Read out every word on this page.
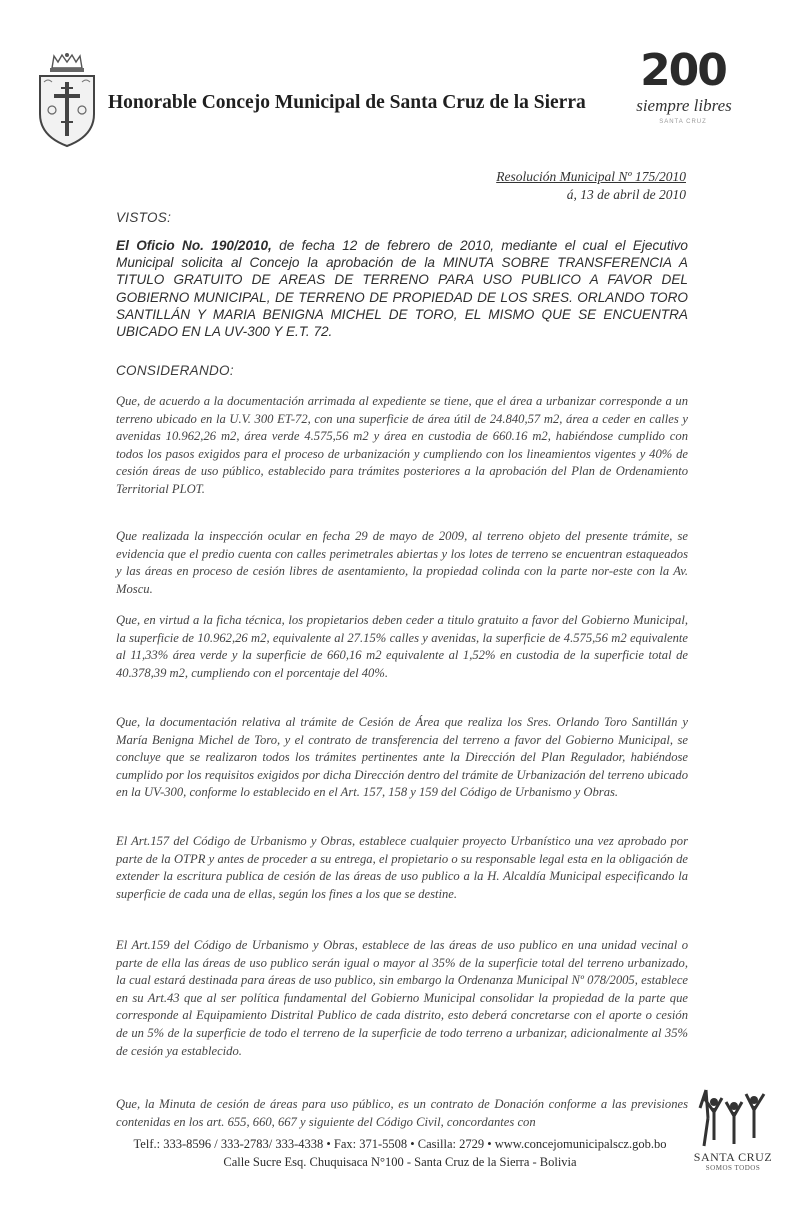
Honorable Concejo Municipal de Santa Cruz de la Sierra
200
siempre libres
SANTA CRUZ
Resolución Municipal Nº 175/2010
á, 13 de abril de 2010
VISTOS:

El Oficio No. 190/2010, de fecha 12 de febrero de 2010, mediante el cual el Ejecutivo Municipal solicita al Concejo la aprobación de la MINUTA SOBRE TRANSFERENCIA A TITULO GRATUITO DE AREAS DE TERRENO PARA USO PUBLICO A FAVOR DEL GOBIERNO MUNICIPAL, DE TERRENO DE PROPIEDAD DE LOS SRES. ORLANDO TORO SANTILLÁN Y MARIA BENIGNA MICHEL DE TORO, EL MISMO QUE SE ENCUENTRA UBICADO EN LA UV-300 Y E.T. 72.

CONSIDERANDO:

Que, de acuerdo a la documentación arrimada al expediente se tiene, que el área a urbanizar corresponde a un terreno ubicado en la U.V. 300 ET-72, con una superficie de área útil de 24.840,57 m2, área a ceder en calles y avenidas 10.962,26 m2, área verde 4.575,56 m2 y área en custodia de 660.16 m2, habiéndose cumplido con todos los pasos exigidos para el proceso de urbanización y cumpliendo con los lineamientos vigentes y 40% de cesión áreas de uso público, establecido para trámites posteriores a la aprobación del Plan de Ordenamiento Territorial PLOT.

Que realizada la inspección ocular en fecha 29 de mayo de 2009, al terreno objeto del presente trámite, se evidencia que el predio cuenta con calles perimetrales abiertas y los lotes de terreno se encuentran estaqueados y las áreas en proceso de cesión libres de asentamiento, la propiedad colinda con la parte nor-este con la Av. Moscu.

Que, en virtud a la ficha técnica, los propietarios deben ceder a titulo gratuito a favor del Gobierno Municipal, la superficie de 10.962,26 m2, equivalente al 27.15% calles y avenidas, la superficie de 4.575,56 m2 equivalente al 11,33% área verde y la superficie de 660,16 m2 equivalente al 1,52% en custodia de la superficie total de 40.378,39 m2, cumpliendo con el porcentaje del 40%.

Que, la documentación relativa al trámite de Cesión de Área que realiza los Sres. Orlando Toro Santillán y María Benigna Michel de Toro, y el contrato de transferencia del terreno a favor del Gobierno Municipal, se concluye que se realizaron todos los trámites pertinentes ante la Dirección del Plan Regulador, habiéndose cumplido por los requisitos exigidos por dicha Dirección dentro del trámite de Urbanización del terreno ubicado en la UV-300, conforme lo establecido en el Art. 157, 158 y 159 del Código de Urbanismo y Obras.

El Art.157 del Código de Urbanismo y Obras, establece cualquier proyecto Urbanístico una vez aprobado por parte de la OTPR y antes de proceder a su entrega, el propietario o su responsable legal esta en la obligación de extender la escritura publica de cesión de las áreas de uso publico a la H. Alcaldía Municipal especificando la superficie de cada una de ellas, según los fines a los que se destine.

El Art.159 del Código de Urbanismo y Obras, establece de las áreas de uso publico en una unidad vecinal o parte de ella las áreas de uso publico serán igual o mayor al 35% de la superficie total del terreno urbanizado, la cual estará destinada para áreas de uso publico, sin embargo la Ordenanza Municipal Nº 078/2005, establece en su Art.43 que al ser política fundamental del Gobierno Municipal consolidar la propiedad de la parte que corresponde al Equipamiento Distrital Publico de cada distrito, esto deberá concretarse con el aporte o cesión de un 5% de la superficie de todo el terreno de la superficie de todo terreno a urbanizar, adicionalmente al 35% de cesión ya establecido.

Que, la Minuta de cesión de áreas para uso público, es un contrato de Donación conforme a las previsiones contenidas en los art. 655, 660, 667 y siguiente del Código Civil, concordantes con

Telf.: 333-8596 / 333-2783/ 333-4338 • Fax: 371-5508 • Casilla: 2729 • www.concejomunicipalscz.gob.bo
Calle Sucre Esq. Chuquisaca N°100 - Santa Cruz de la Sierra - Bolivia	SANTA CRUZ
SOMOS TODOS
